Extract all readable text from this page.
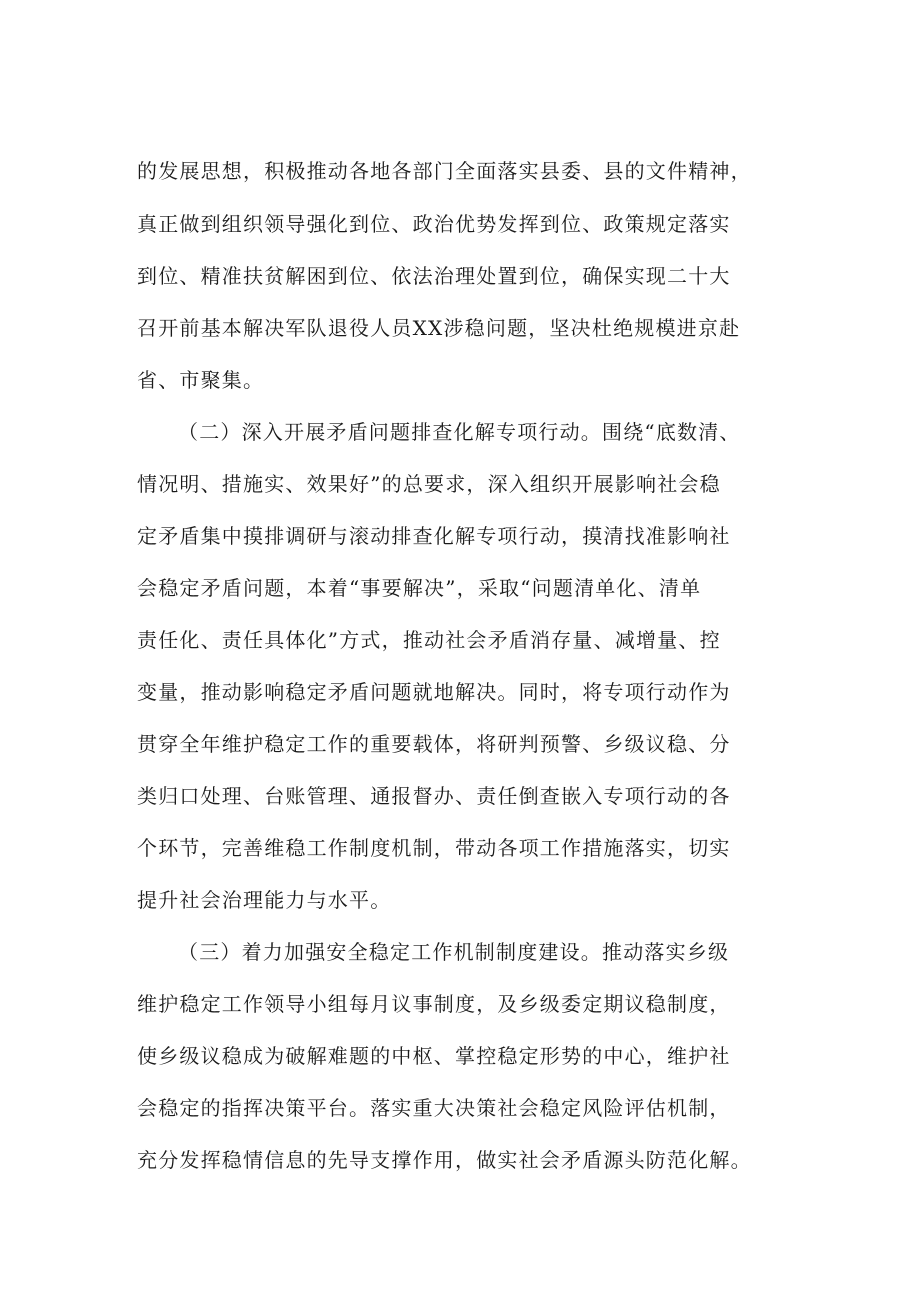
的发展思想，积极推动各地各部门全面落实县委、县的文件精神，
真正做到组织领导强化到位、政治优势发挥到位、政策规定落实
到位、精准扶贫解困到位、依法治理处置到位，确保实现二十大
召开前基本解决军队退役人员XX涉稳问题，坚决杜绝规模进京赴
省、市聚集。
（二）深入开展矛盾问题排查化解专项行动。围绕“底数清、
情况明、措施实、效果好”的总要求，深入组织开展影响社会稳
定矛盾集中摸排调研与滚动排查化解专项行动，摸清找准影响社
会稳定矛盾问题，本着“事要解决”，采取“问题清单化、清单
责任化、责任具体化”方式，推动社会矛盾消存量、减增量、控
变量，推动影响稳定矛盾问题就地解决。同时，将专项行动作为
贯穿全年维护稳定工作的重要载体，将研判预警、乡级议稳、分
类归口处理、台账管理、通报督办、责任倒查嵌入专项行动的各
个环节，完善维稳工作制度机制，带动各项工作措施落实，切实
提升社会治理能力与水平。
（三）着力加强安全稳定工作机制制度建设。推动落实乡级
维护稳定工作领导小组每月议事制度，及乡级委定期议稳制度，
使乡级议稳成为破解难题的中枢、掌控稳定形势的中心，维护社
会稳定的指挥决策平台。落实重大决策社会稳定风险评估机制，
充分发挥稳情信息的先导支撑作用，做实社会矛盾源头防范化解。
